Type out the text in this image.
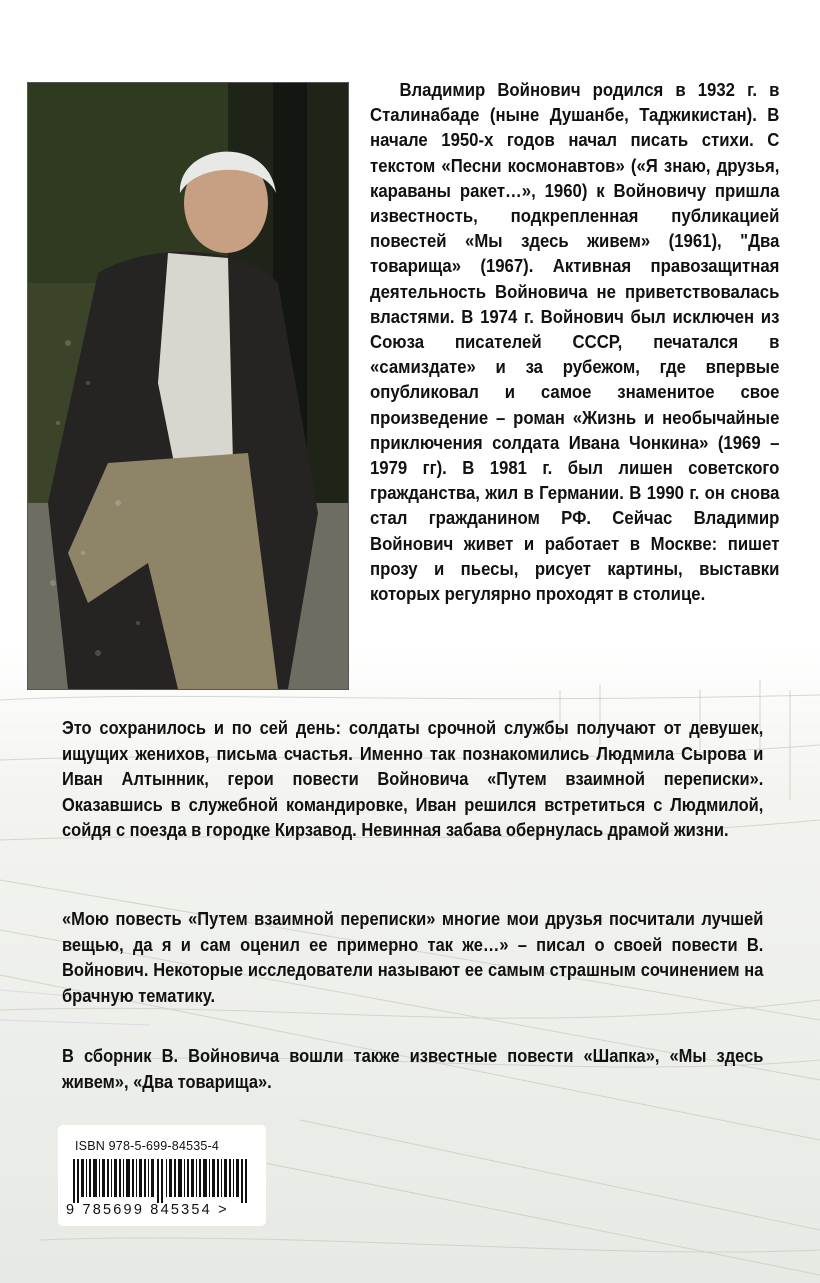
Владимир Войнович родился в 1932 г. в Сталинабаде (ныне Душанбе, Таджикистан). В начале 1950-х годов начал писать стихи. С текстом «Песни космонавтов» («Я знаю, друзья, караваны ракет…», 1960) к Войновичу пришла известность, подкрепленная публикацией повестей «Мы здесь живем» (1961), "Два товарища» (1967). Активная правозащитная деятельность Войновича не приветствовалась властями. В 1974 г. Войнович был исключен из Союза писателей СССР, печатался в «самиздате» и за рубежом, где впервые опубликовал и самое знаменитое свое произведение – роман «Жизнь и необычайные приключения солдата Ивана Чонкина» (1969 – 1979 гг). В 1981 г. был лишен советского гражданства, жил в Германии. В 1990 г. он снова стал гражданином РФ. Сейчас Владимир Войнович живет и работает в Москве: пишет прозу и пьесы, рисует картины, выставки которых регулярно проходят в столице.

Это сохранилось и по сей день: солдаты срочной службы получают от девушек, ищущих женихов, письма счастья. Именно так познакомились Людмила Сырова и Иван Алтынник, герои повести Войновича «Путем взаимной переписки». Оказавшись в служебной командировке, Иван решился встретиться с Людмилой, сойдя с поезда в городке Кирзавод. Невинная забава обернулась драмой жизни.

«Мою повесть «Путем взаимной переписки» многие мои друзья посчитали лучшей вещью, да я и сам оценил ее примерно так же…» – писал о своей повести В. Войнович. Некоторые исследователи называют ее самым страшным сочинением на брачную тематику.

В сборник В. Войновича вошли также известные повести «Шапка», «Мы здесь живем», «Два товарища».

ISBN 978-5-699-84535-4
9 785699 845354 >
